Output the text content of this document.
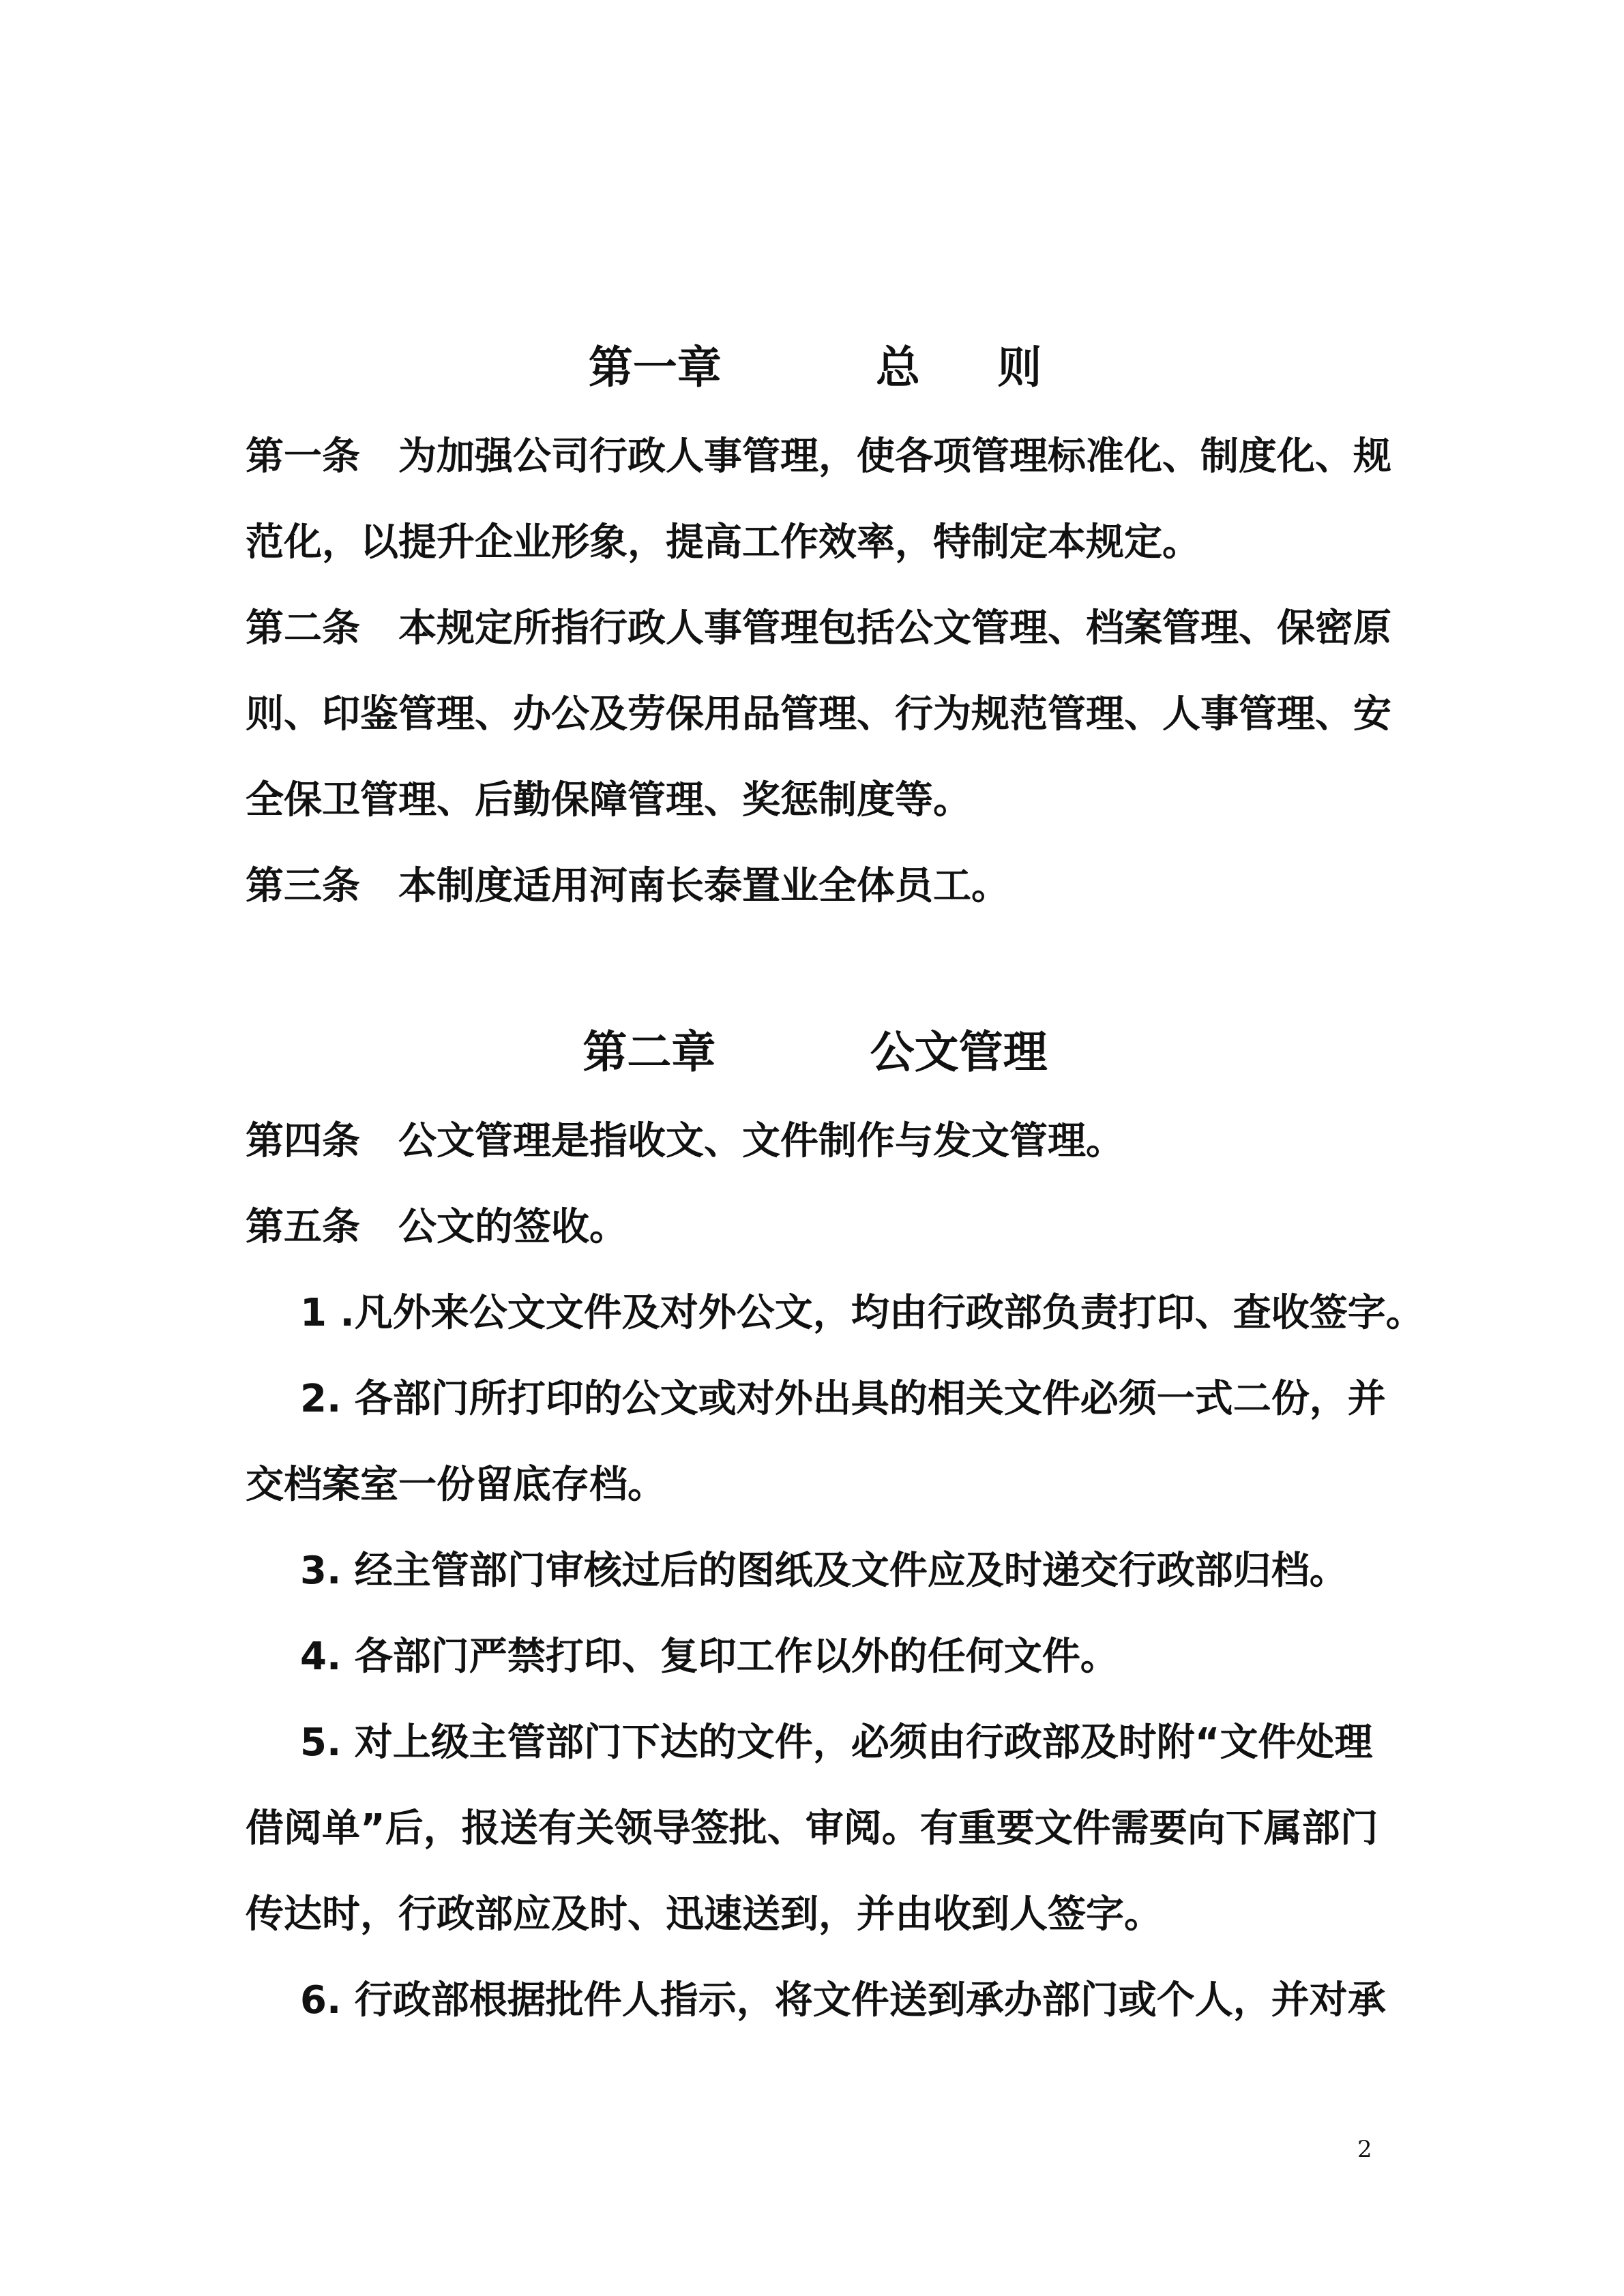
第一章          总     则
第一条 为加强公司行政人事管理，使各项管理标准化、制度化、规
范化，以提升企业形象，提高工作效率，特制定本规定。
第二条 本规定所指行政人事管理包括公文管理、档案管理、保密原
则、印鉴管理、办公及劳保用品管理、行为规范管理、人事管理、安
全保卫管理、后勤保障管理、奖惩制度等。
第三条 本制度适用河南长泰置业全体员工。
第二章          公文管理
第四条 公文管理是指收文、文件制作与发文管理。
第五条 公文的签收。
1 .凡外来公文文件及对外公文，均由行政部负责打印、查收签字。
2. 各部门所打印的公文或对外出具的相关文件必须一式二份，并
交档案室一份留底存档。
3. 经主管部门审核过后的图纸及文件应及时递交行政部归档。
4. 各部门严禁打印、复印工作以外的任何文件。
5. 对上级主管部门下达的文件，必须由行政部及时附“文件处理
借阅单”后，报送有关领导签批、审阅。有重要文件需要向下属部门
传达时，行政部应及时、迅速送到，并由收到人签字。
6. 行政部根据批件人指示，将文件送到承办部门或个人，并对承
2
